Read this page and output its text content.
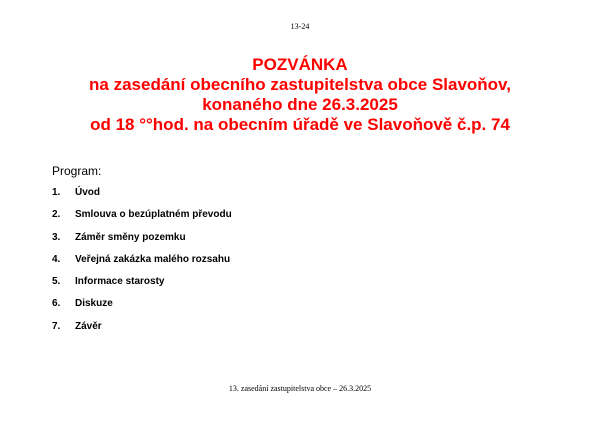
13-24
POZVÁNKA
na zasedání obecního zastupitelstva obce Slavoňov,
konaného dne 26.3.2025
od 18 °°hod. na obecním úřadě ve Slavoňově č.p. 74
Program:
1. Úvod
2. Smlouva o bezúplatném převodu
3. Záměr směny pozemku
4. Veřejná zakázka malého rozsahu
5. Informace starosty
6. Diskuze
7. Závěr
13. zasedání zastupitelstva obce – 26.3.2025
